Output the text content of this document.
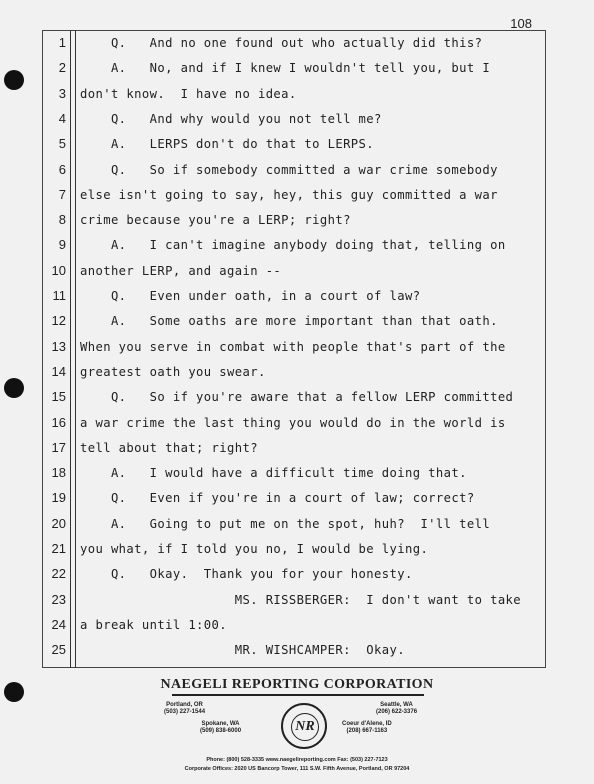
108
1 Q.   And no one found out who actually did this?
2 A.   No, and if I knew I wouldn't tell you, but I
3 don't know.  I have no idea.
4 Q.   And why would you not tell me?
5 A.   LERPS don't do that to LERPS.
6 Q.   So if somebody committed a war crime somebody
7 else isn't going to say, hey, this guy committed a war
8 crime because you're a LERP; right?
9 A.   I can't imagine anybody doing that, telling on
10 another LERP, and again --
11 Q.   Even under oath, in a court of law?
12 A.   Some oaths are more important than that oath.
13 When you serve in combat with people that's part of the
14 greatest oath you swear.
15 Q.   So if you're aware that a fellow LERP committed
16 a war crime the last thing you would do in the world is
17 tell about that; right?
18 A.   I would have a difficult time doing that.
19 Q.   Even if you're in a court of law; correct?
20 A.   Going to put me on the spot, huh?  I'll tell
21 you what, if I told you no, I would be lying.
22 Q.   Okay.  Thank you for your honesty.
23 MS. RISSBERGER:  I don't want to take
24 a break until 1:00.
25 MR. WISHCAMPER:  Okay.
NAEGELI REPORTING CORPORATION
Portland, OR
(503) 227-1544
Seattle, WA
(206) 622-3376
Spokane, WA
(509) 838-6000
Coeur d'Alene, ID
(208) 667-1163
NR
Phone: (800) 528-3335 www.naegelireporting.com Fax: (503) 227-7123
Corporate Offices: 2020 US Bancorp Tower, 111 S.W. Fifth Avenue, Portland, OR 97204
